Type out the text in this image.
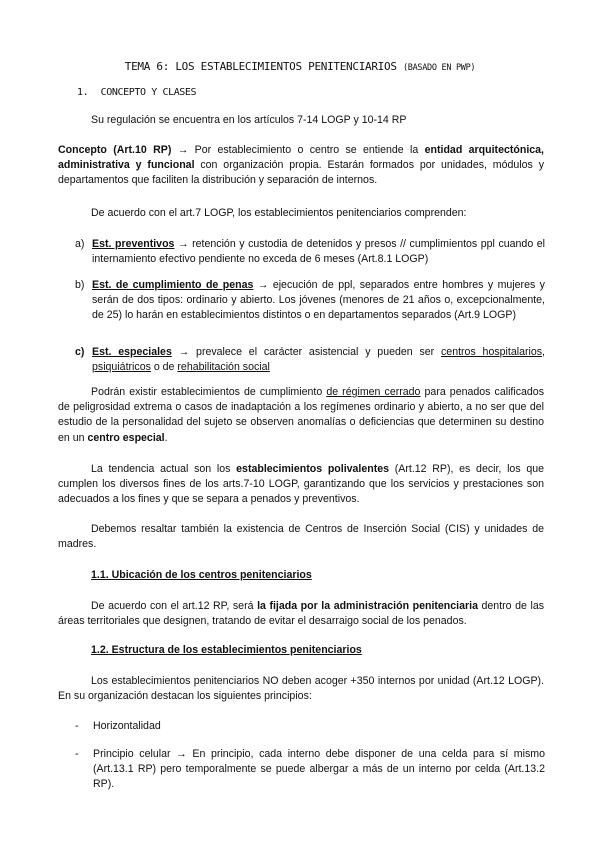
TEMA 6: LOS ESTABLECIMIENTOS PENITENCIARIOS (BASADO EN PWP)
1. CONCEPTO Y CLASES
Su regulación se encuentra en los artículos 7-14 LOGP y 10-14 RP
Concepto (Art.10 RP) → Por establecimiento o centro se entiende la entidad arquitectónica, administrativa y funcional con organización propia. Estarán formados por unidades, módulos y departamentos que faciliten la distribución y separación de internos.
De acuerdo con el art.7 LOGP, los establecimientos penitenciarios comprenden:
a) Est. preventivos → retención y custodia de detenidos y presos // cumplimientos ppl cuando el internamiento efectivo pendiente no exceda de 6 meses (Art.8.1 LOGP)
b) Est. de cumplimiento de penas → ejecución de ppl, separados entre hombres y mujeres y serán de dos tipos: ordinario y abierto. Los jóvenes (menores de 21 años o, excepcionalmente, de 25) lo harán en establecimientos distintos o en departamentos separados (Art.9 LOGP)
c) Est. especiales → prevalece el carácter asistencial y pueden ser centros hospitalarios, psiquiátricos o de rehabilitación social
Podrán existir establecimientos de cumplimiento de régimen cerrado para penados calificados de peligrosidad extrema o casos de inadaptación a los regímenes ordinario y abierto, a no ser que del estudio de la personalidad del sujeto se observen anomalías o deficiencias que determinen su destino en un centro especial.
La tendencia actual son los establecimientos polivalentes (Art.12 RP), es decir, los que cumplen los diversos fines de los arts.7-10 LOGP, garantizando que los servicios y prestaciones son adecuados a los fines y que se separa a penados y preventivos.
Debemos resaltar también la existencia de Centros de Inserción Social (CIS) y unidades de madres.
1.1. Ubicación de los centros penitenciarios
De acuerdo con el art.12 RP, será la fijada por la administración penitenciaria dentro de las áreas territoriales que designen, tratando de evitar el desarraigo social de los penados.
1.2. Estructura de los establecimientos penitenciarios
Los establecimientos penitenciarios NO deben acoger +350 internos por unidad (Art.12 LOGP). En su organización destacan los siguientes principios:
- Horizontalidad
- Principio celular → En principio, cada interno debe disponer de una celda para sí mismo (Art.13.1 RP) pero temporalmente se puede albergar a más de un interno por celda (Art.13.2 RP).
